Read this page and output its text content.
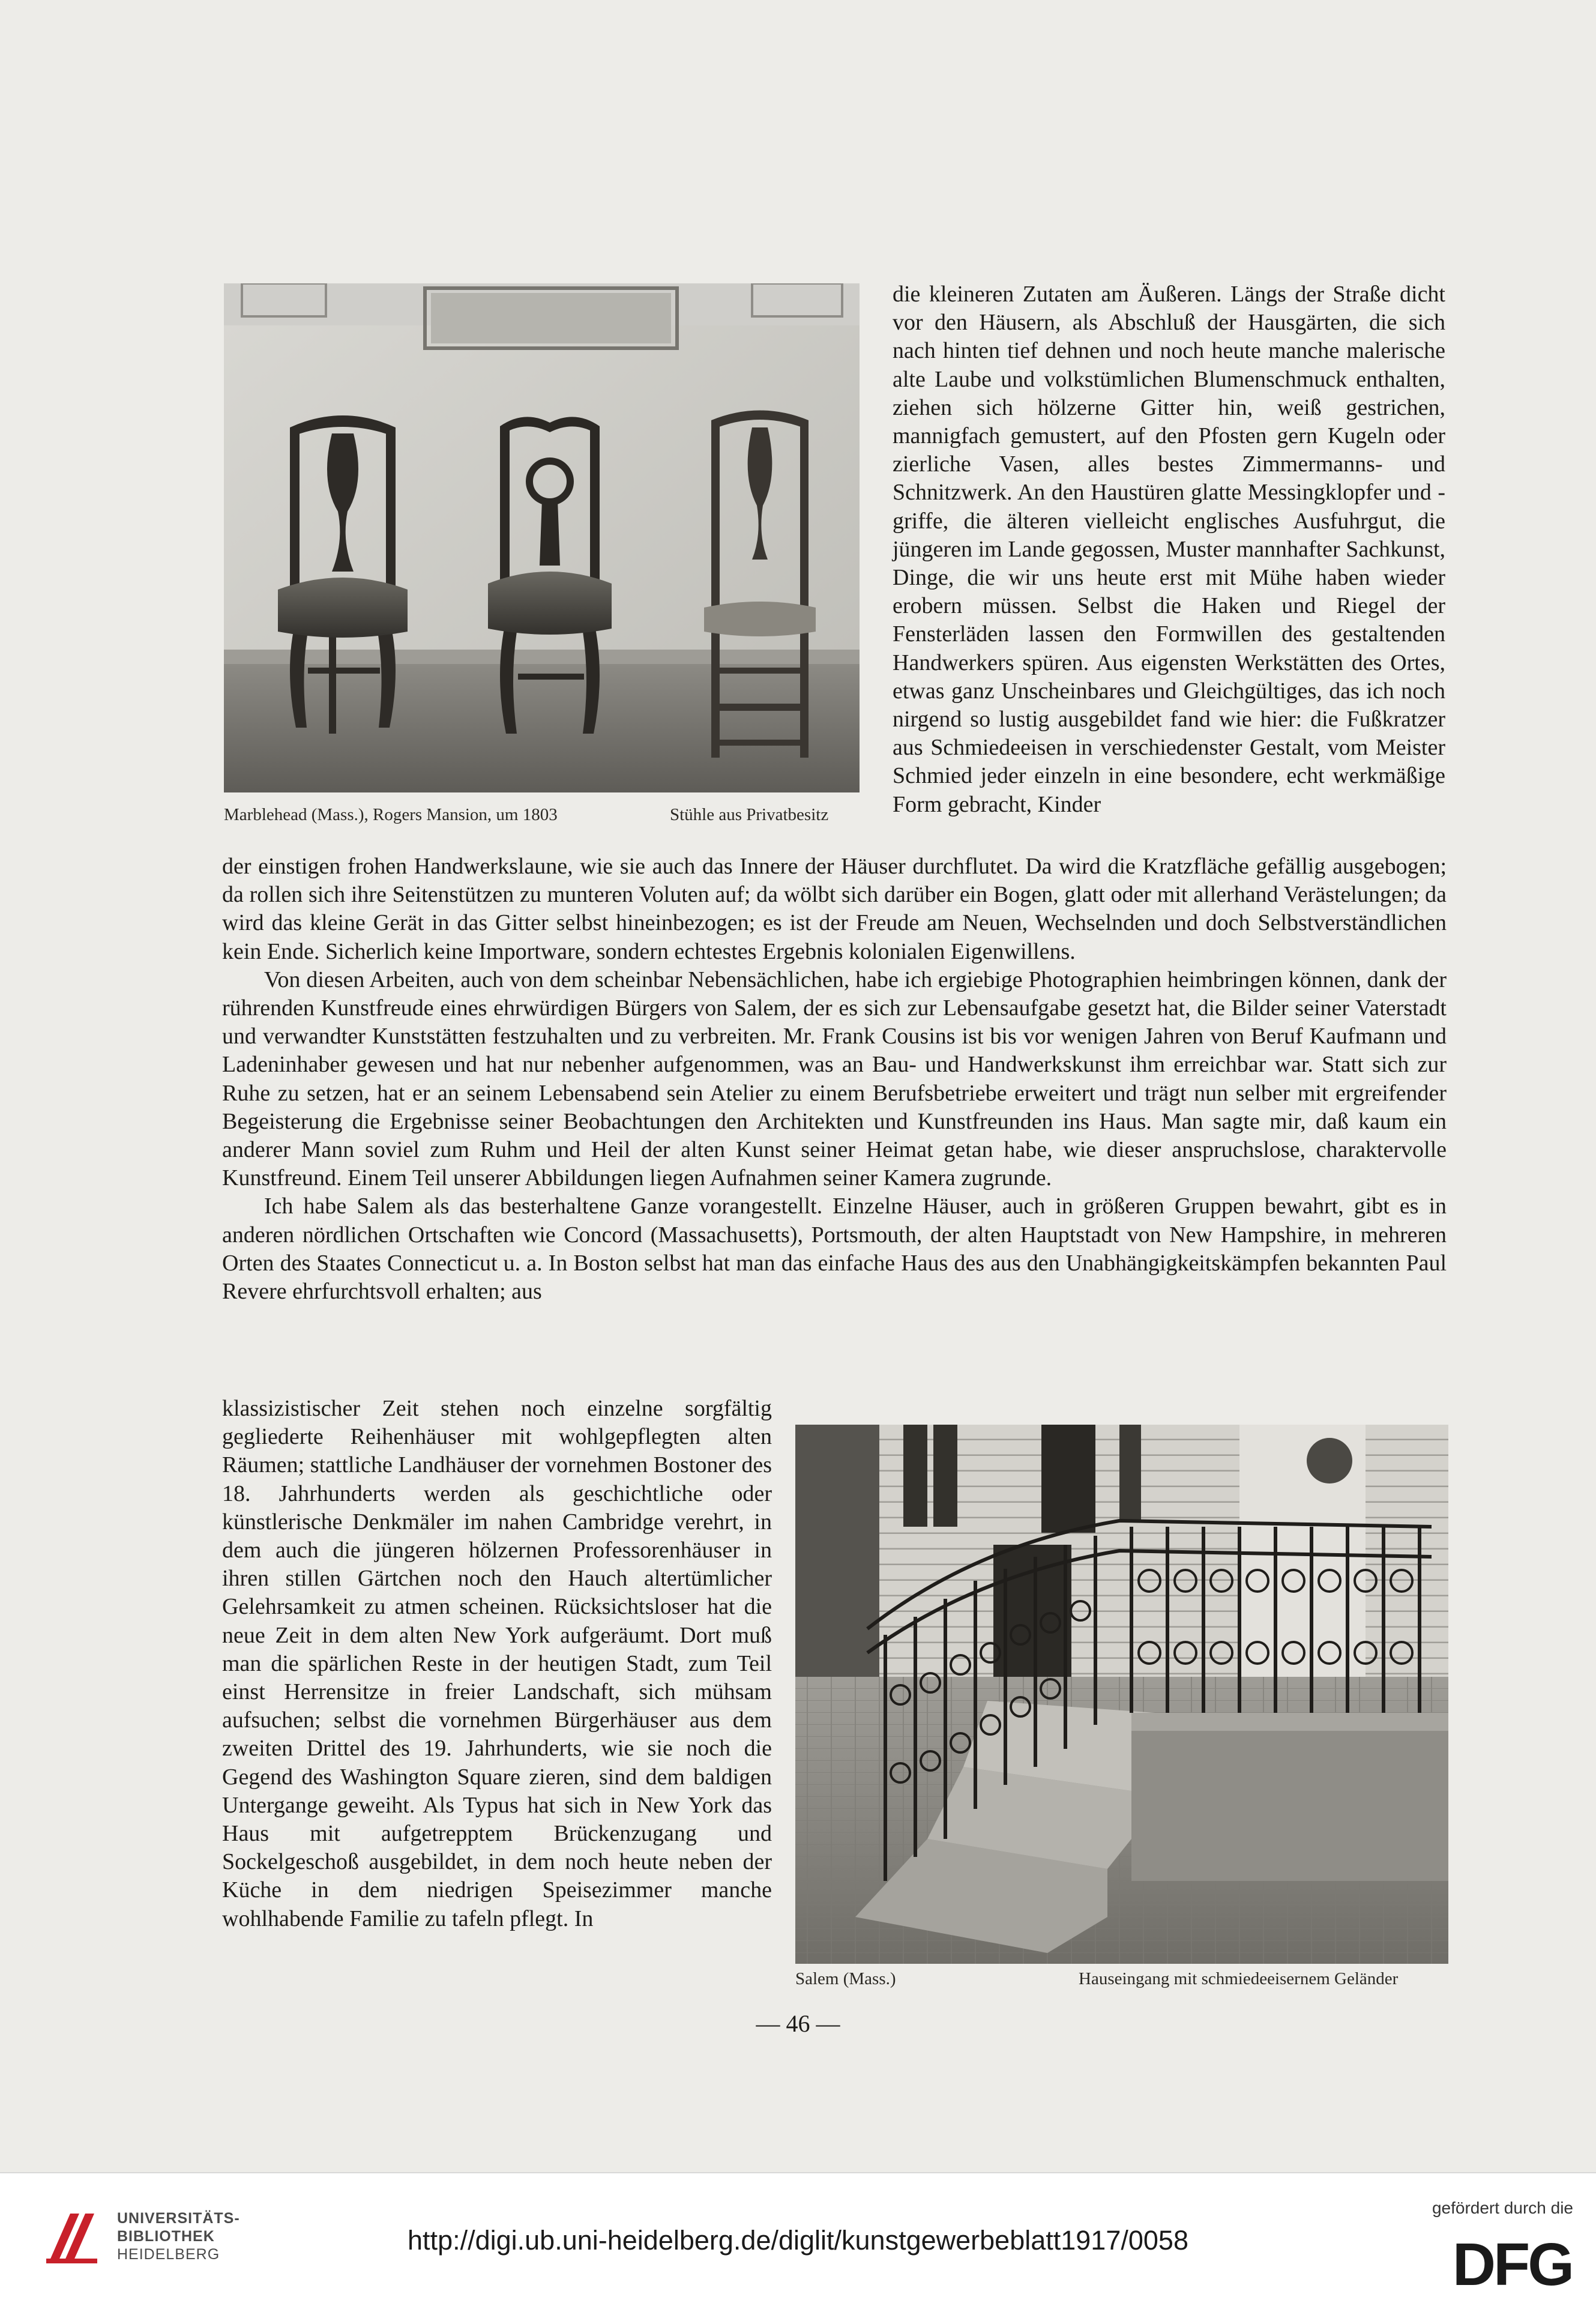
Marblehead (Mass.), Rogers Mansion, um 1803	Stühle aus Privatbesitz

die kleineren Zutaten am Äußeren. Längs der Straße dicht vor den Häusern, als Abschluß der Hausgärten, die sich nach hinten tief dehnen und noch heute manche malerische alte Laube und volkstümlichen Blumenschmuck enthalten, ziehen sich hölzerne Gitter hin, weiß gestrichen, mannigfach gemustert, auf den Pfosten gern Kugeln oder zierliche Vasen, alles bestes Zimmermanns- und Schnitzwerk. An den Haustüren glatte Messingklopfer und -griffe, die älteren vielleicht englisches Ausfuhrgut, die jüngeren im Lande gegossen, Muster mannhafter Sachkunst, Dinge, die wir uns heute erst mit Mühe haben wieder erobern müssen. Selbst die Haken und Riegel der Fensterläden lassen den Formwillen des gestaltenden Handwerkers spüren. Aus eigensten Werkstätten des Ortes, etwas ganz Unscheinbares und Gleichgültiges, das ich noch nirgend so lustig ausgebildet fand wie hier: die Fußkratzer aus Schmiedeeisen in verschiedenster Gestalt, vom Meister Schmied jeder einzeln in eine besondere, echt werkmäßige Form gebracht, Kinder

der einstigen frohen Handwerkslaune, wie sie auch das Innere der Häuser durchflutet. Da wird die Kratzfläche gefällig ausgebogen; da rollen sich ihre Seitenstützen zu munteren Voluten auf; da wölbt sich darüber ein Bogen, glatt oder mit allerhand Verästelungen; da wird das kleine Gerät in das Gitter selbst hineinbezogen; es ist der Freude am Neuen, Wechselnden und doch Selbstverständlichen kein Ende. Sicherlich keine Importware, sondern echtestes Ergebnis kolonialen Eigenwillens.

Von diesen Arbeiten, auch von dem scheinbar Nebensächlichen, habe ich ergiebige Photographien heimbringen können, dank der rührenden Kunstfreude eines ehrwürdigen Bürgers von Salem, der es sich zur Lebensaufgabe gesetzt hat, die Bilder seiner Vaterstadt und verwandter Kunststätten festzuhalten und zu verbreiten. Mr. Frank Cousins ist bis vor wenigen Jahren von Beruf Kaufmann und Ladeninhaber gewesen und hat nur nebenher aufgenommen, was an Bau- und Handwerkskunst ihm erreichbar war. Statt sich zur Ruhe zu setzen, hat er an seinem Lebensabend sein Atelier zu einem Berufsbetriebe erweitert und trägt nun selber mit ergreifender Begeisterung die Ergebnisse seiner Beobachtungen den Architekten und Kunstfreunden ins Haus. Man sagte mir, daß kaum ein anderer Mann soviel zum Ruhm und Heil der alten Kunst seiner Heimat getan habe, wie dieser anspruchslose, charaktervolle Kunstfreund. Einem Teil unserer Abbildungen liegen Aufnahmen seiner Kamera zugrunde.

Ich habe Salem als das besterhaltene Ganze vorangestellt. Einzelne Häuser, auch in größeren Gruppen bewahrt, gibt es in anderen nördlichen Ortschaften wie Concord (Massachusetts), Portsmouth, der alten Hauptstadt von New Hampshire, in mehreren Orten des Staates Connecticut u. a. In Boston selbst hat man das einfache Haus des aus den Unabhängigkeitskämpfen bekannten Paul Revere ehrfurchtsvoll erhalten; aus

klassizistischer Zeit stehen noch einzelne sorgfältig gegliederte Reihenhäuser mit wohlgepflegten alten Räumen; stattliche Landhäuser der vornehmen Bostoner des 18. Jahrhunderts werden als geschichtliche oder künstlerische Denkmäler im nahen Cambridge verehrt, in dem auch die jüngeren hölzernen Professorenhäuser in ihren stillen Gärtchen noch den Hauch altertümlicher Gelehrsamkeit zu atmen scheinen. Rücksichtsloser hat die neue Zeit in dem alten New York aufgeräumt. Dort muß man die spärlichen Reste in der heutigen Stadt, zum Teil einst Herrensitze in freier Landschaft, sich mühsam aufsuchen; selbst die vornehmen Bürgerhäuser aus dem zweiten Drittel des 19. Jahrhunderts, wie sie noch die Gegend des Washington Square zieren, sind dem baldigen Untergange geweiht. Als Typus hat sich in New York das Haus mit aufgetrepptem Brückenzugang und Sockelgeschoß ausgebildet, in dem noch heute neben der Küche in dem niedrigen Speisezimmer manche wohlhabende Familie zu tafeln pflegt. In

Salem (Mass.)	Hauseingang mit schmiedeeisernem Geländer
— 46 —
UNIVERSITÄTS-
BIBLIOTHEK
HEIDELBERG	http://digi.ub.uni-heidelberg.de/diglit/kunstgewerbeblatt1917/0058
gefördert durch die
DFG
